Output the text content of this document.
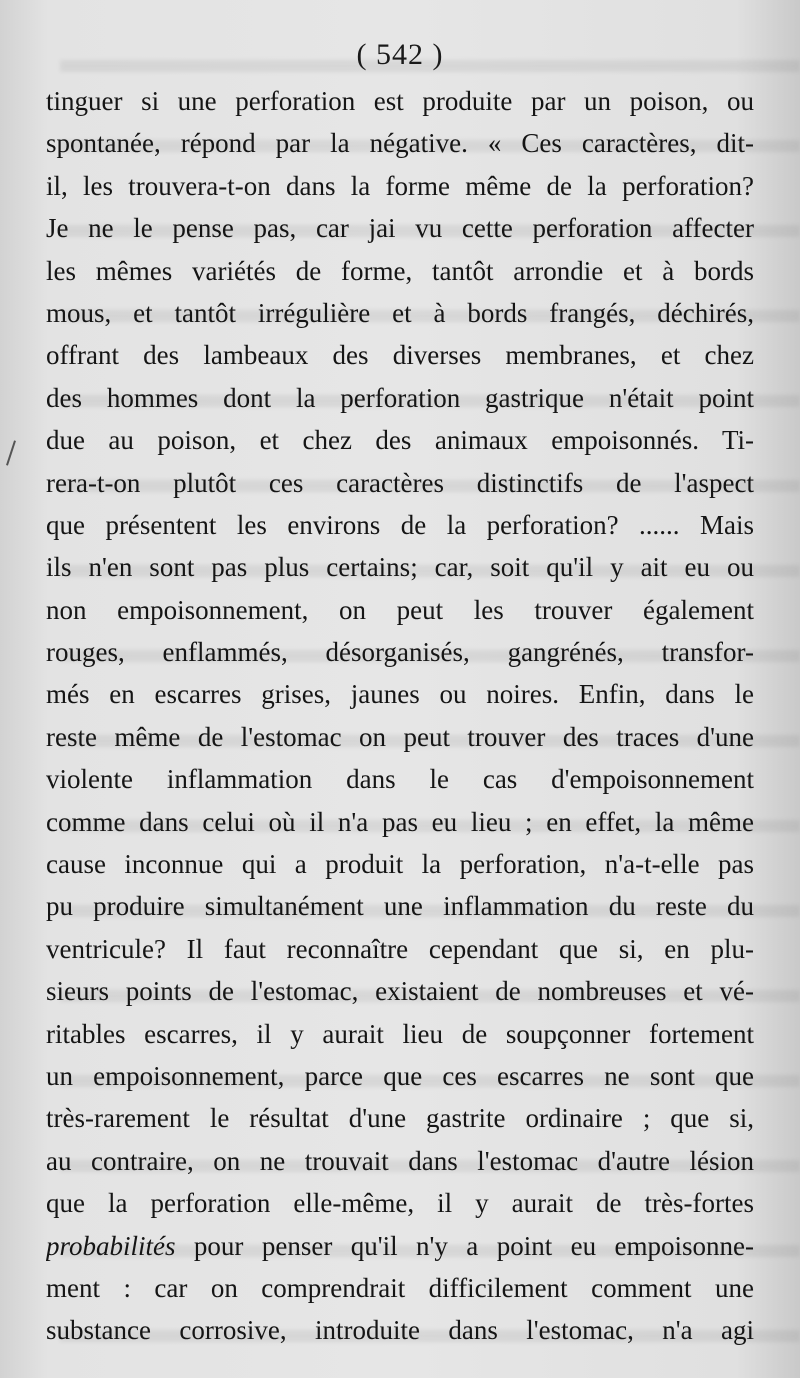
( 542 )
tinguer si une perforation est produite par un poison, ou
spontanée, répond par la négative. « Ces caractères, dit-
il, les trouvera-t-on dans la forme même de la perforation?
Je ne le pense pas, car jai vu cette perforation affecter
les mêmes variétés de forme, tantôt arrondie et à bords
mous, et tantôt irrégulière et à bords frangés, déchirés,
offrant des lambeaux des diverses membranes, et chez
des hommes dont la perforation gastrique n'était point
due au poison, et chez des animaux empoisonnés. Ti-
rera-t-on plutôt ces caractères distinctifs de l'aspect
que présentent les environs de la perforation? ...... Mais
ils n'en sont pas plus certains; car, soit qu'il y ait eu ou
non empoisonnement, on peut les trouver également
rouges, enflammés, désorganisés, gangrénés, transfor-
més en escarres grises, jaunes ou noires. Enfin, dans le
reste même de l'estomac on peut trouver des traces d'une
violente inflammation dans le cas d'empoisonnement
comme dans celui où il n'a pas eu lieu ; en effet, la même
cause inconnue qui a produit la perforation, n'a-t-elle pas
pu produire simultanément une inflammation du reste du
ventricule? Il faut reconnaître cependant que si, en plu-
sieurs points de l'estomac, existaient de nombreuses et vé-
ritables escarres, il y aurait lieu de soupçonner fortement
un empoisonnement, parce que ces escarres ne sont que
très-rarement le résultat d'une gastrite ordinaire ; que si,
au contraire, on ne trouvait dans l'estomac d'autre lésion
que la perforation elle-même, il y aurait de très-fortes
probabilités pour penser qu'il n'y a point eu empoisonne-
ment : car on comprendrait difficilement comment une
substance corrosive, introduite dans l'estomac, n'a agi
